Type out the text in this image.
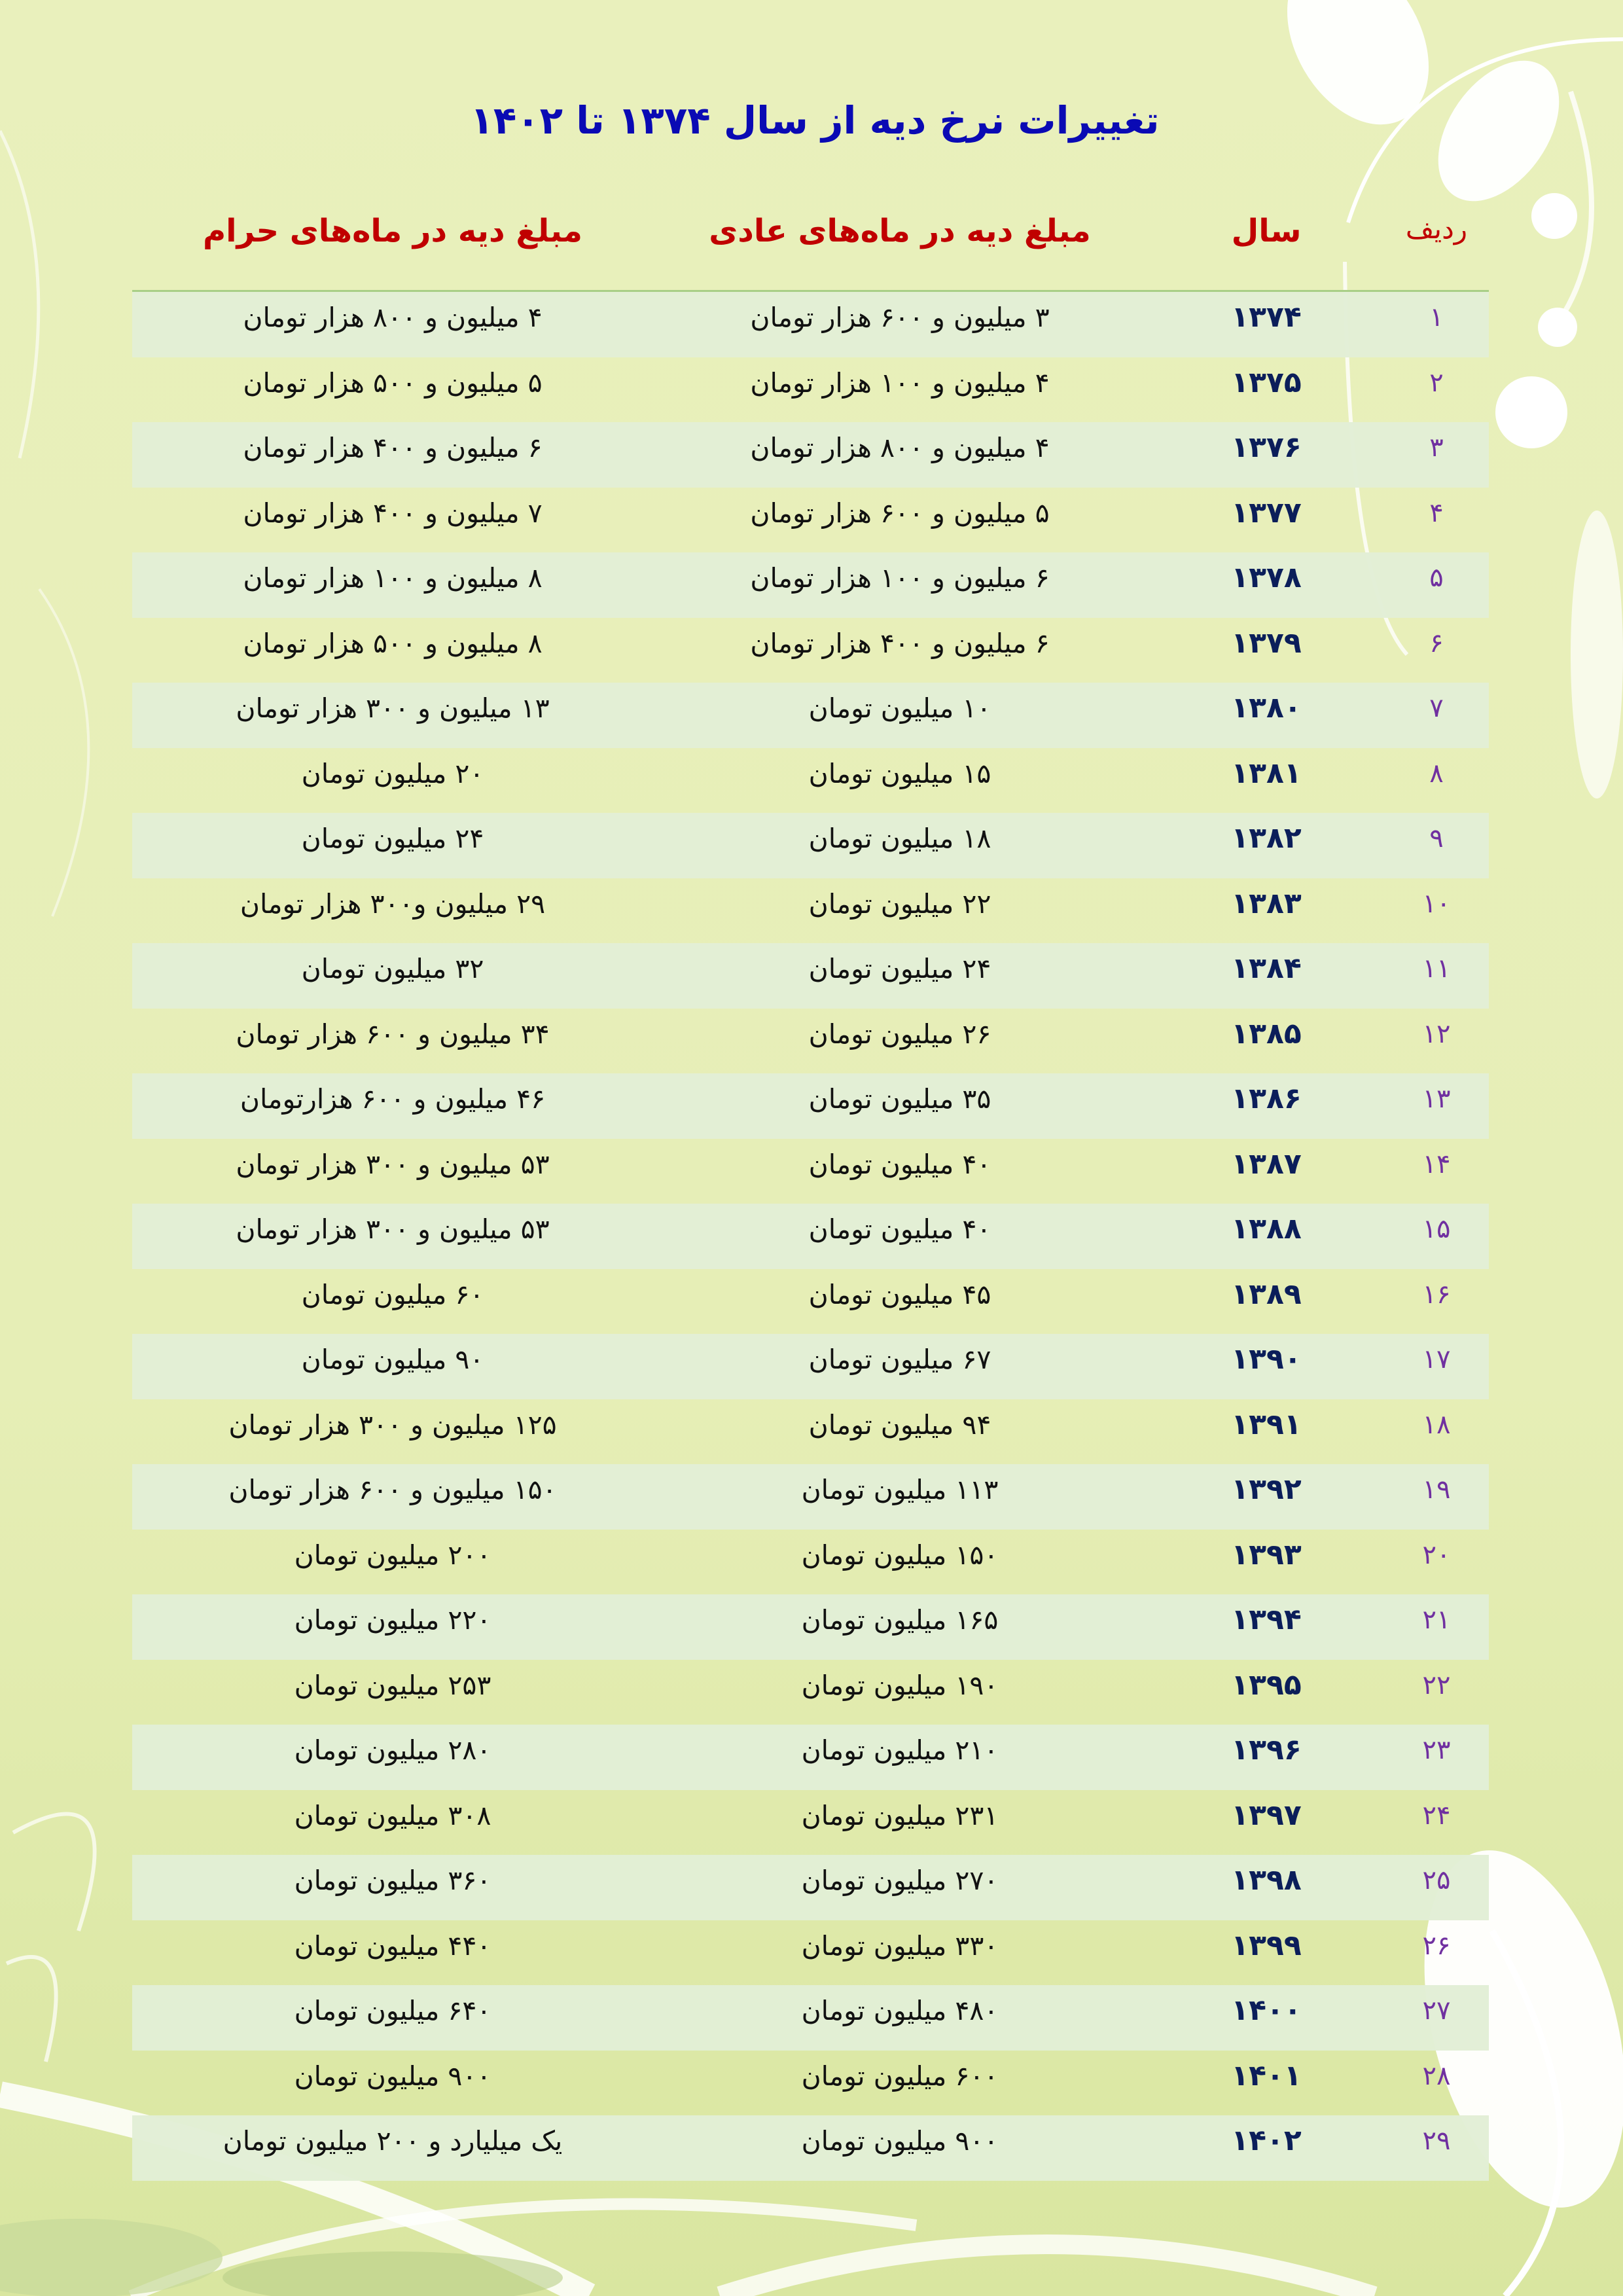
تغییرات نرخ دیه از سال ۱۳۷۴ تا ۱۴۰۲
ردیف
سال
مبلغ دیه در ماه‌های عادی
مبلغ دیه در ماه‌های حرام
۱
۱۳۷۴
۳ میلیون و ۶۰۰ هزار تومان
۴ میلیون و ۸۰۰ هزار تومان
۲
۱۳۷۵
۴ میلیون و ۱۰۰ هزار تومان
۵ میلیون و ۵۰۰ هزار تومان
۳
۱۳۷۶
۴ میلیون و ۸۰۰ هزار تومان
۶ میلیون و ۴۰۰ هزار تومان
۴
۱۳۷۷
۵ میلیون و ۶۰۰ هزار تومان
۷ میلیون و ۴۰۰ هزار تومان
۵
۱۳۷۸
۶ میلیون و ۱۰۰ هزار تومان
۸ میلیون و ۱۰۰ هزار تومان
۶
۱۳۷۹
۶ میلیون و ۴۰۰ هزار تومان
۸ میلیون و ۵۰۰ هزار تومان
۷
۱۳۸۰
۱۰ میلیون تومان
۱۳ میلیون و ۳۰۰ هزار تومان
۸
۱۳۸۱
۱۵ میلیون تومان
۲۰ میلیون تومان
۹
۱۳۸۲
۱۸ میلیون تومان
۲۴ میلیون تومان
۱۰
۱۳۸۳
۲۲ میلیون تومان
۲۹ میلیون و۳۰۰ هزار تومان
۱۱
۱۳۸۴
۲۴ میلیون تومان
۳۲ میلیون تومان
۱۲
۱۳۸۵
۲۶ میلیون تومان
۳۴ میلیون و ۶۰۰ هزار تومان
۱۳
۱۳۸۶
۳۵ میلیون تومان
۴۶ میلیون و ۶۰۰ هزارتومان
۱۴
۱۳۸۷
۴۰ میلیون تومان
۵۳ میلیون و ۳۰۰ هزار تومان
۱۵
۱۳۸۸
۴۰ میلیون تومان
۵۳ میلیون و ۳۰۰ هزار تومان
۱۶
۱۳۸۹
۴۵ میلیون تومان
۶۰ میلیون تومان
۱۷
۱۳۹۰
۶۷ میلیون تومان
۹۰ میلیون تومان
۱۸
۱۳۹۱
۹۴ میلیون تومان
۱۲۵ میلیون و ۳۰۰ هزار تومان
۱۹
۱۳۹۲
۱۱۳ میلیون تومان
۱۵۰ میلیون و ۶۰۰ هزار تومان
۲۰
۱۳۹۳
۱۵۰ میلیون تومان
۲۰۰ میلیون تومان
۲۱
۱۳۹۴
۱۶۵ میلیون تومان
۲۲۰ میلیون تومان
۲۲
۱۳۹۵
۱۹۰ میلیون تومان
۲۵۳ میلیون تومان
۲۳
۱۳۹۶
۲۱۰ میلیون تومان
۲۸۰ میلیون تومان
۲۴
۱۳۹۷
۲۳۱ میلیون تومان
۳۰۸ میلیون تومان
۲۵
۱۳۹۸
۲۷۰ میلیون تومان
۳۶۰ میلیون تومان
۲۶
۱۳۹۹
۳۳۰ میلیون تومان
۴۴۰ میلیون تومان
۲۷
۱۴۰۰
۴۸۰ میلیون تومان
۶۴۰ میلیون تومان
۲۸
۱۴۰۱
۶۰۰ میلیون تومان
۹۰۰ میلیون تومان
۲۹
۱۴۰۲
۹۰۰ میلیون تومان
یک میلیارد و ۲۰۰ میلیون تومان
